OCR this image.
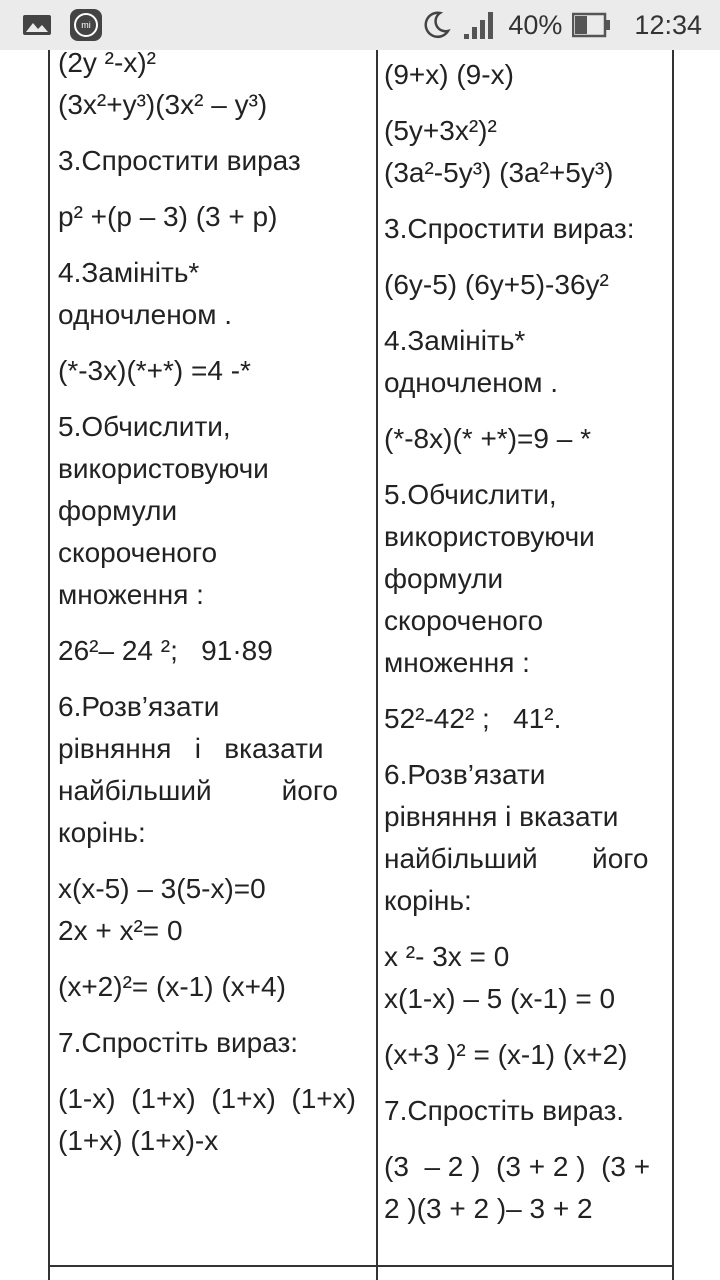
mi	40%	12:34
(2y ²-x)²
(3x²+y³)(3x² – y³)
3.Спростити вираз
p² +(p – 3) (3 + p)
4.Замініть*
одночленом .
(*-3x)(*+*) =4 -*
5.Обчислити,
використовуючи
формули
скороченого
множення :
26²– 24 ²;   91·89
6.Розв’язати
рівняння   і   вказати
найбільший         його
корінь:
x(x-5) – 3(5-x)=0
2x + x²= 0
(x+2)²= (x-1) (x+4)
7.Спростіть вираз:
(1-x)  (1+x)  (1+x)  (1+x)
(1+x) (1+x)-x
(9+x) (9-x)
(5y+3x²)²
(3a²-5y³) (3a²+5y³)
3.Спростити вираз:
(6y-5) (6y+5)-36y²
4.Замініть*
одночленом .
(*-8x)(* +*)=9 – *
5.Обчислити,
використовуючи
формули
скороченого
множення :
52²-42² ;   41².
6.Розв’язати
рівняння і вказати
найбільший       його
корінь:
x ²- 3x = 0
x(1-x) – 5 (x-1) = 0
(x+3 )² = (x-1) (x+2)
7.Спростіть вираз.
(3  – 2 )  (3 + 2 )  (3 +
2 )(3 + 2 )– 3 + 2
